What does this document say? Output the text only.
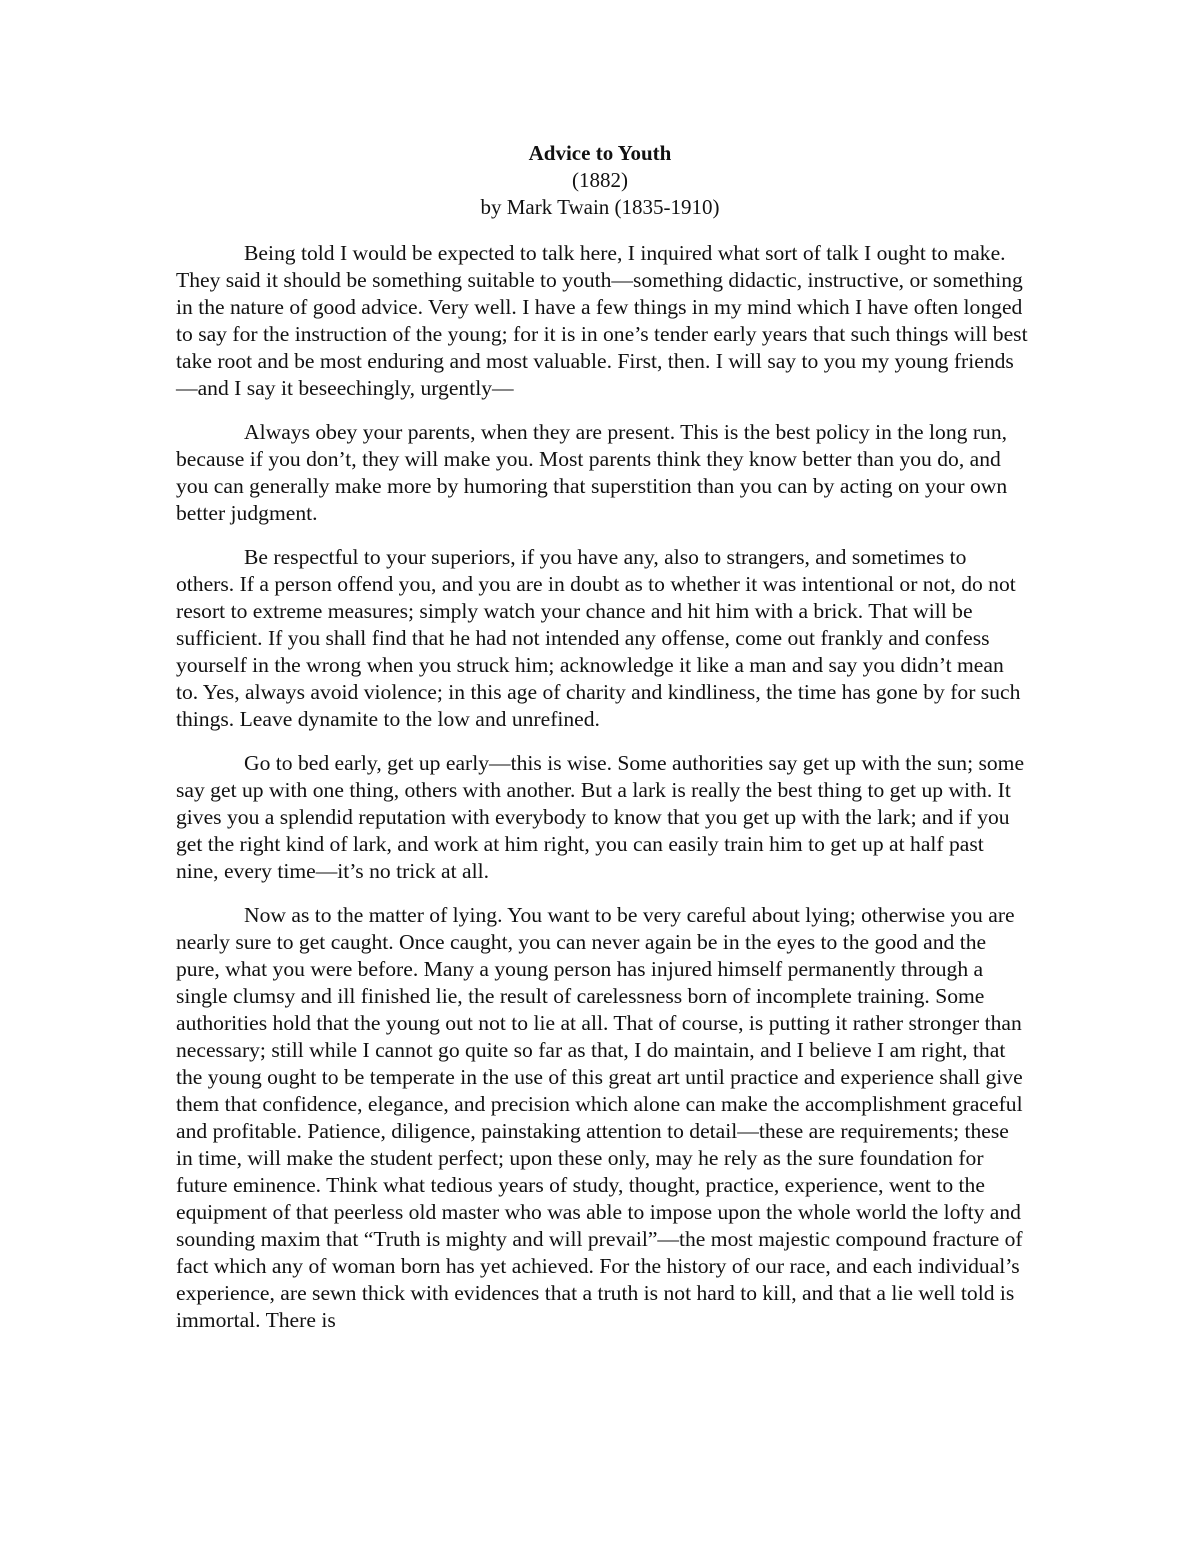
Advice to Youth

(1882)

by Mark Twain (1835-1910)

Being told I would be expected to talk here, I inquired what sort of talk I ought to make. They said it should be something suitable to youth—something didactic, instructive, or something in the nature of good advice. Very well. I have a few things in my mind which I have often longed to say for the instruction of the young; for it is in one’s tender early years that such things will best take root and be most enduring and most valuable. First, then. I will say to you my young friends—and I say it beseechingly, urgently—

Always obey your parents, when they are present. This is the best policy in the long run, because if you don’t, they will make you. Most parents think they know better than you do, and you can generally make more by humoring that superstition than you can by acting on your own better judgment.

Be respectful to your superiors, if you have any, also to strangers, and sometimes to others. If a person offend you, and you are in doubt as to whether it was intentional or not, do not resort to extreme measures; simply watch your chance and hit him with a brick. That will be sufficient. If you shall find that he had not intended any offense, come out frankly and confess yourself in the wrong when you struck him; acknowledge it like a man and say you didn’t mean to. Yes, always avoid violence; in this age of charity and kindliness, the time has gone by for such things. Leave dynamite to the low and unrefined.

Go to bed early, get up early—this is wise. Some authorities say get up with the sun; some say get up with one thing, others with another. But a lark is really the best thing to get up with. It gives you a splendid reputation with everybody to know that you get up with the lark; and if you get the right kind of lark, and work at him right, you can easily train him to get up at half past nine, every time—it’s no trick at all.

Now as to the matter of lying. You want to be very careful about lying; otherwise you are nearly sure to get caught. Once caught, you can never again be in the eyes to the good and the pure, what you were before. Many a young person has injured himself permanently through a single clumsy and ill finished lie, the result of carelessness born of incomplete training. Some authorities hold that the young out not to lie at all. That of course, is putting it rather stronger than necessary; still while I cannot go quite so far as that, I do maintain, and I believe I am right, that the young ought to be temperate in the use of this great art until practice and experience shall give them that confidence, elegance, and precision which alone can make the accomplishment graceful and profitable. Patience, diligence, painstaking attention to detail—these are requirements; these in time, will make the student perfect; upon these only, may he rely as the sure foundation for future eminence. Think what tedious years of study, thought, practice, experience, went to the equipment of that peerless old master who was able to impose upon the whole world the lofty and sounding maxim that “Truth is mighty and will prevail”—the most majestic compound fracture of fact which any of woman born has yet achieved. For the history of our race, and each individual’s experience, are sewn thick with evidences that a truth is not hard to kill, and that a lie well told is immortal. There is
